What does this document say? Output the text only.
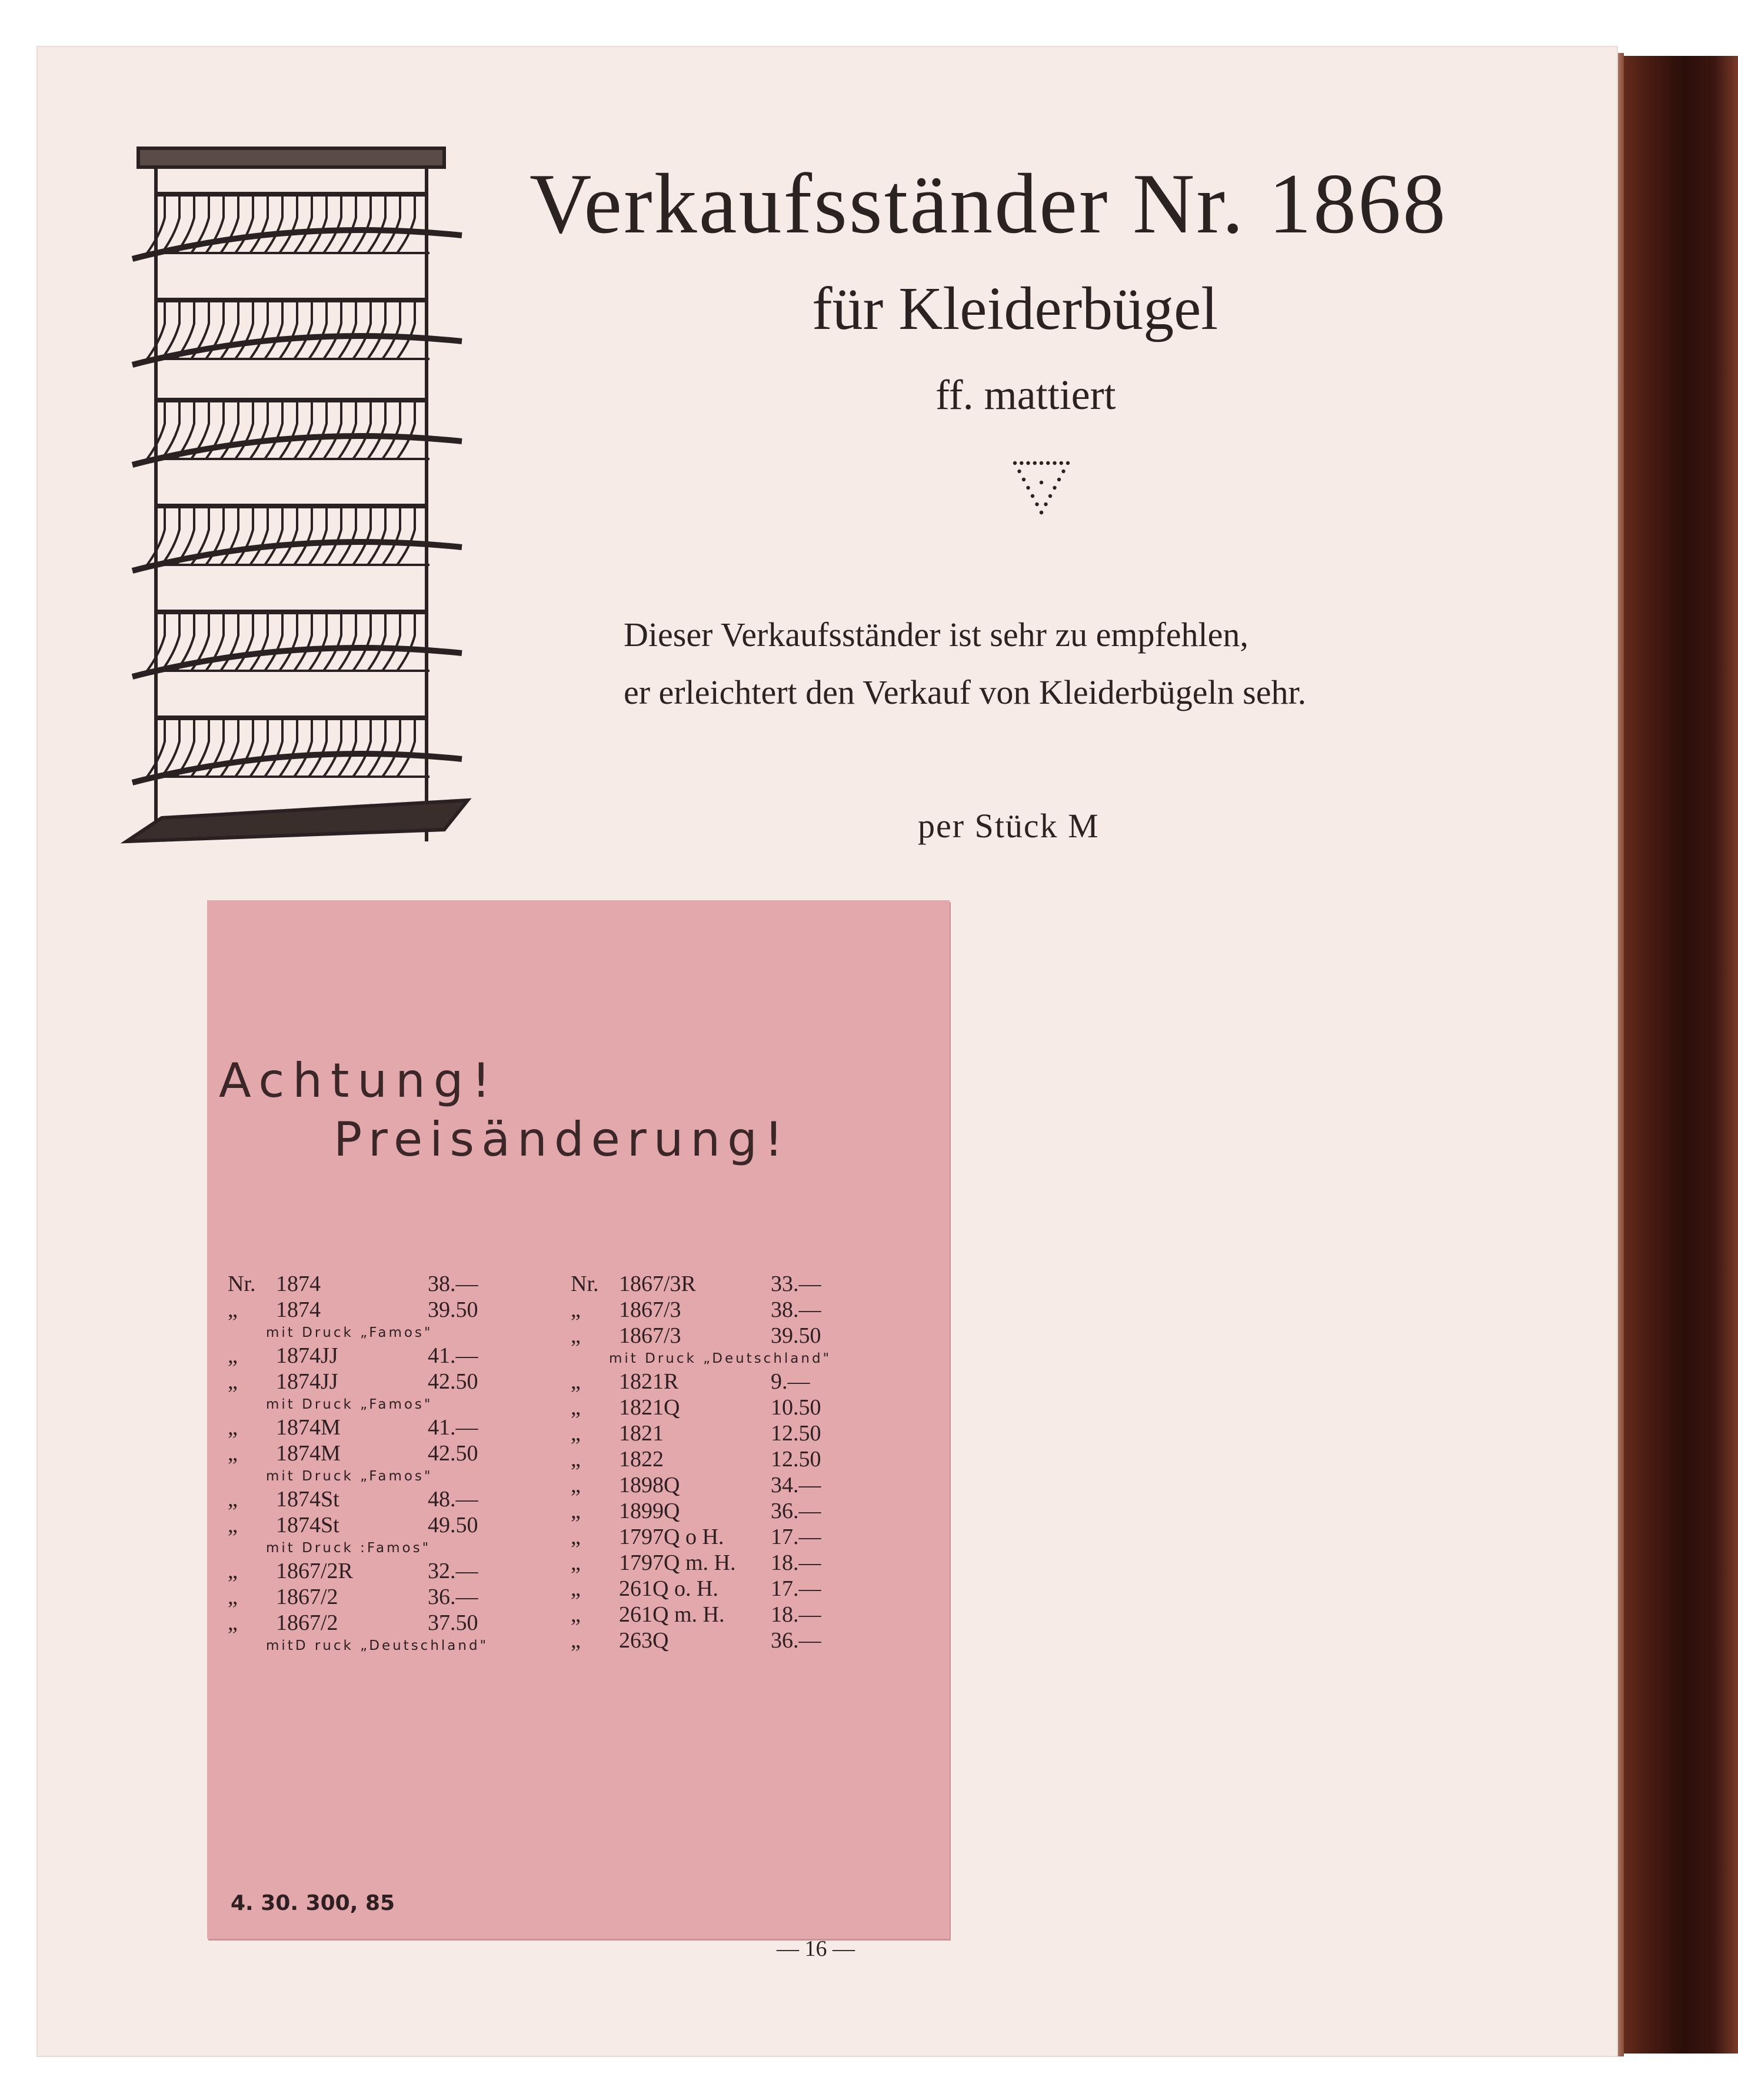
Verkaufsständer Nr. 1868
für Kleiderbügel
ff. mattiert
Dieser Verkaufsständer ist sehr zu empfehlen,
er erleichtert den Verkauf von Kleiderbügeln sehr.
per Stück M
Achtung!
Preisänderung!
Nr. 1874	38.—
„	1874	39.50
mit Druck „Famos"
„	1874JJ	41.—
„	1874JJ	42.50
mit Druck „Famos"
„	1874M	41.—
„	1874M	42.50
mit Druck „Famos"
„	1874St	48.—
„	1874St	49.50
mit Druck :Famos"
„	1867/2R	32.—
„	1867/2	36.—
„	1867/2	37.50
mitD ruck „Deutschland"
Nr. 1867/3R	33.—
„	1867/3	38.—
„	1867/3	39.50
mit Druck „Deutschland"
„	1821R	9.—
„	1821Q	10.50
„	1821	12.50
„	1822	12.50
„	1898Q	34.—
„	1899Q	36.—
„	1797Q o H. 17.—
„	1797Q m. H. 18.—
„	261Q o. H. 17.—
„	261Q m. H. 18.—
„	263Q	36.—
4. 30. 300, 85
— 16 —
